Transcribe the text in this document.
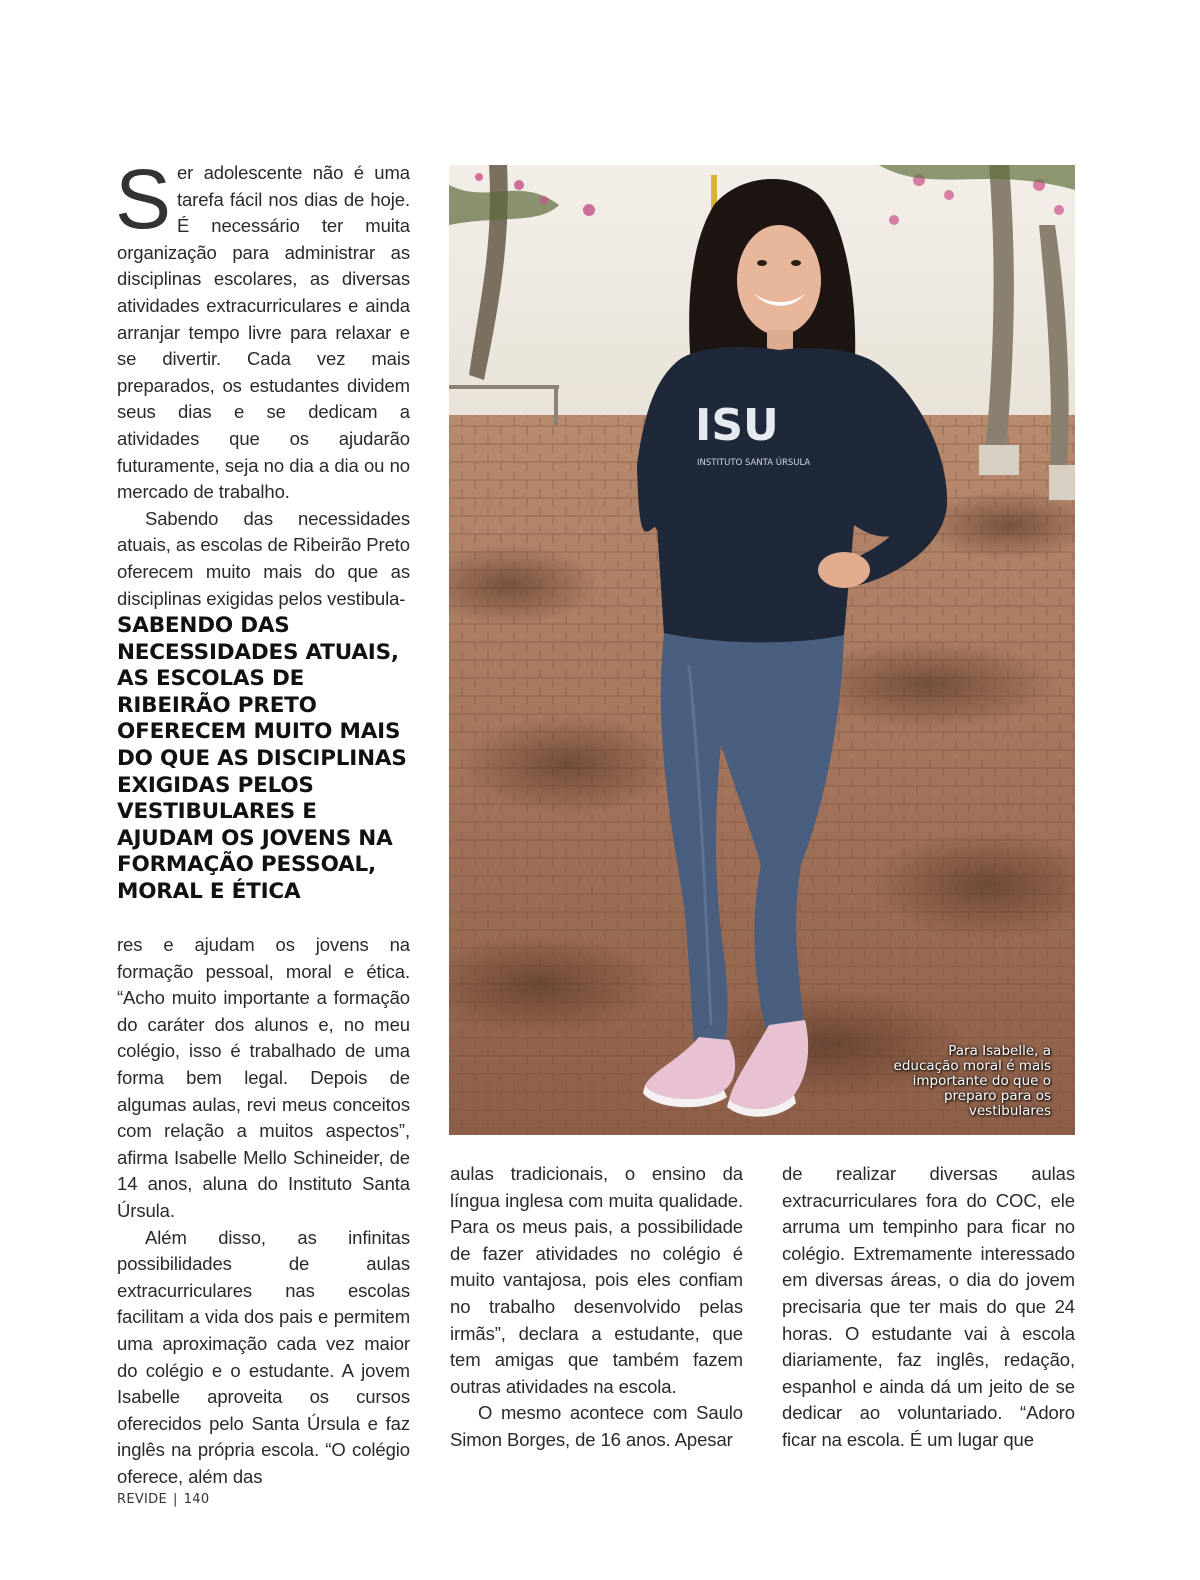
S er adolescente não é uma tarefa fácil nos dias de hoje. É necessário ter muita organização para administrar as disciplinas escolares, as diversas atividades extracurriculares e ainda arranjar tempo livre para relaxar e se divertir. Cada vez mais preparados, os estudantes dividem seus dias e se dedicam a atividades que os ajudarão futuramente, seja no dia a dia ou no mercado de trabalho.

Sabendo das necessidades atuais, as escolas de Ribeirão Preto oferecem muito mais do que as disciplinas exigidas pelos vestibula-

SABENDO DAS NECESSIDADES ATUAIS, AS ESCOLAS DE RIBEIRÃO PRETO OFERECEM MUITO MAIS DO QUE AS DISCIPLINAS EXIGIDAS PELOS VESTIBULARES E AJUDAM OS JOVENS NA FORMAÇÃO PESSOAL, MORAL E ÉTICA

res e ajudam os jovens na formação pessoal, moral e ética. “Acho muito importante a formação do caráter dos alunos e, no meu colégio, isso é trabalhado de uma forma bem legal. Depois de algumas aulas, revi meus conceitos com relação a muitos aspectos”, afirma Isabelle Mello Schineider, de 14 anos, aluna do Instituto Santa Úrsula.

Além disso, as infinitas possibilidades de aulas extracurriculares nas escolas facilitam a vida dos pais e permitem uma aproximação cada vez maior do colégio e o estudante. A jovem Isabelle aproveita os cursos oferecidos pelo Santa Úrsula e faz inglês na própria escola. “O colégio oferece, além das

ISU
INSTITUTO SANTA ÚRSULA
Para Isabelle, a educação moral é mais importante do que o preparo para os vestibulares

aulas tradicionais, o ensino da língua inglesa com muita qualidade. Para os meus pais, a possibilidade de fazer atividades no colégio é muito vantajosa, pois eles confiam no trabalho desenvolvido pelas irmãs”, declara a estudante, que tem amigas que também fazem outras atividades na escola.

O mesmo acontece com Saulo Simon Borges, de 16 anos. Apesar

de realizar diversas aulas extracurriculares fora do COC, ele arruma um tempinho para ficar no colégio. Extremamente interessado em diversas áreas, o dia do jovem precisaria que ter mais do que 24 horas. O estudante vai à escola diariamente, faz inglês, redação, espanhol e ainda dá um jeito de se dedicar ao voluntariado. “Adoro ficar na escola. É um lugar que

REVIDE | 140
